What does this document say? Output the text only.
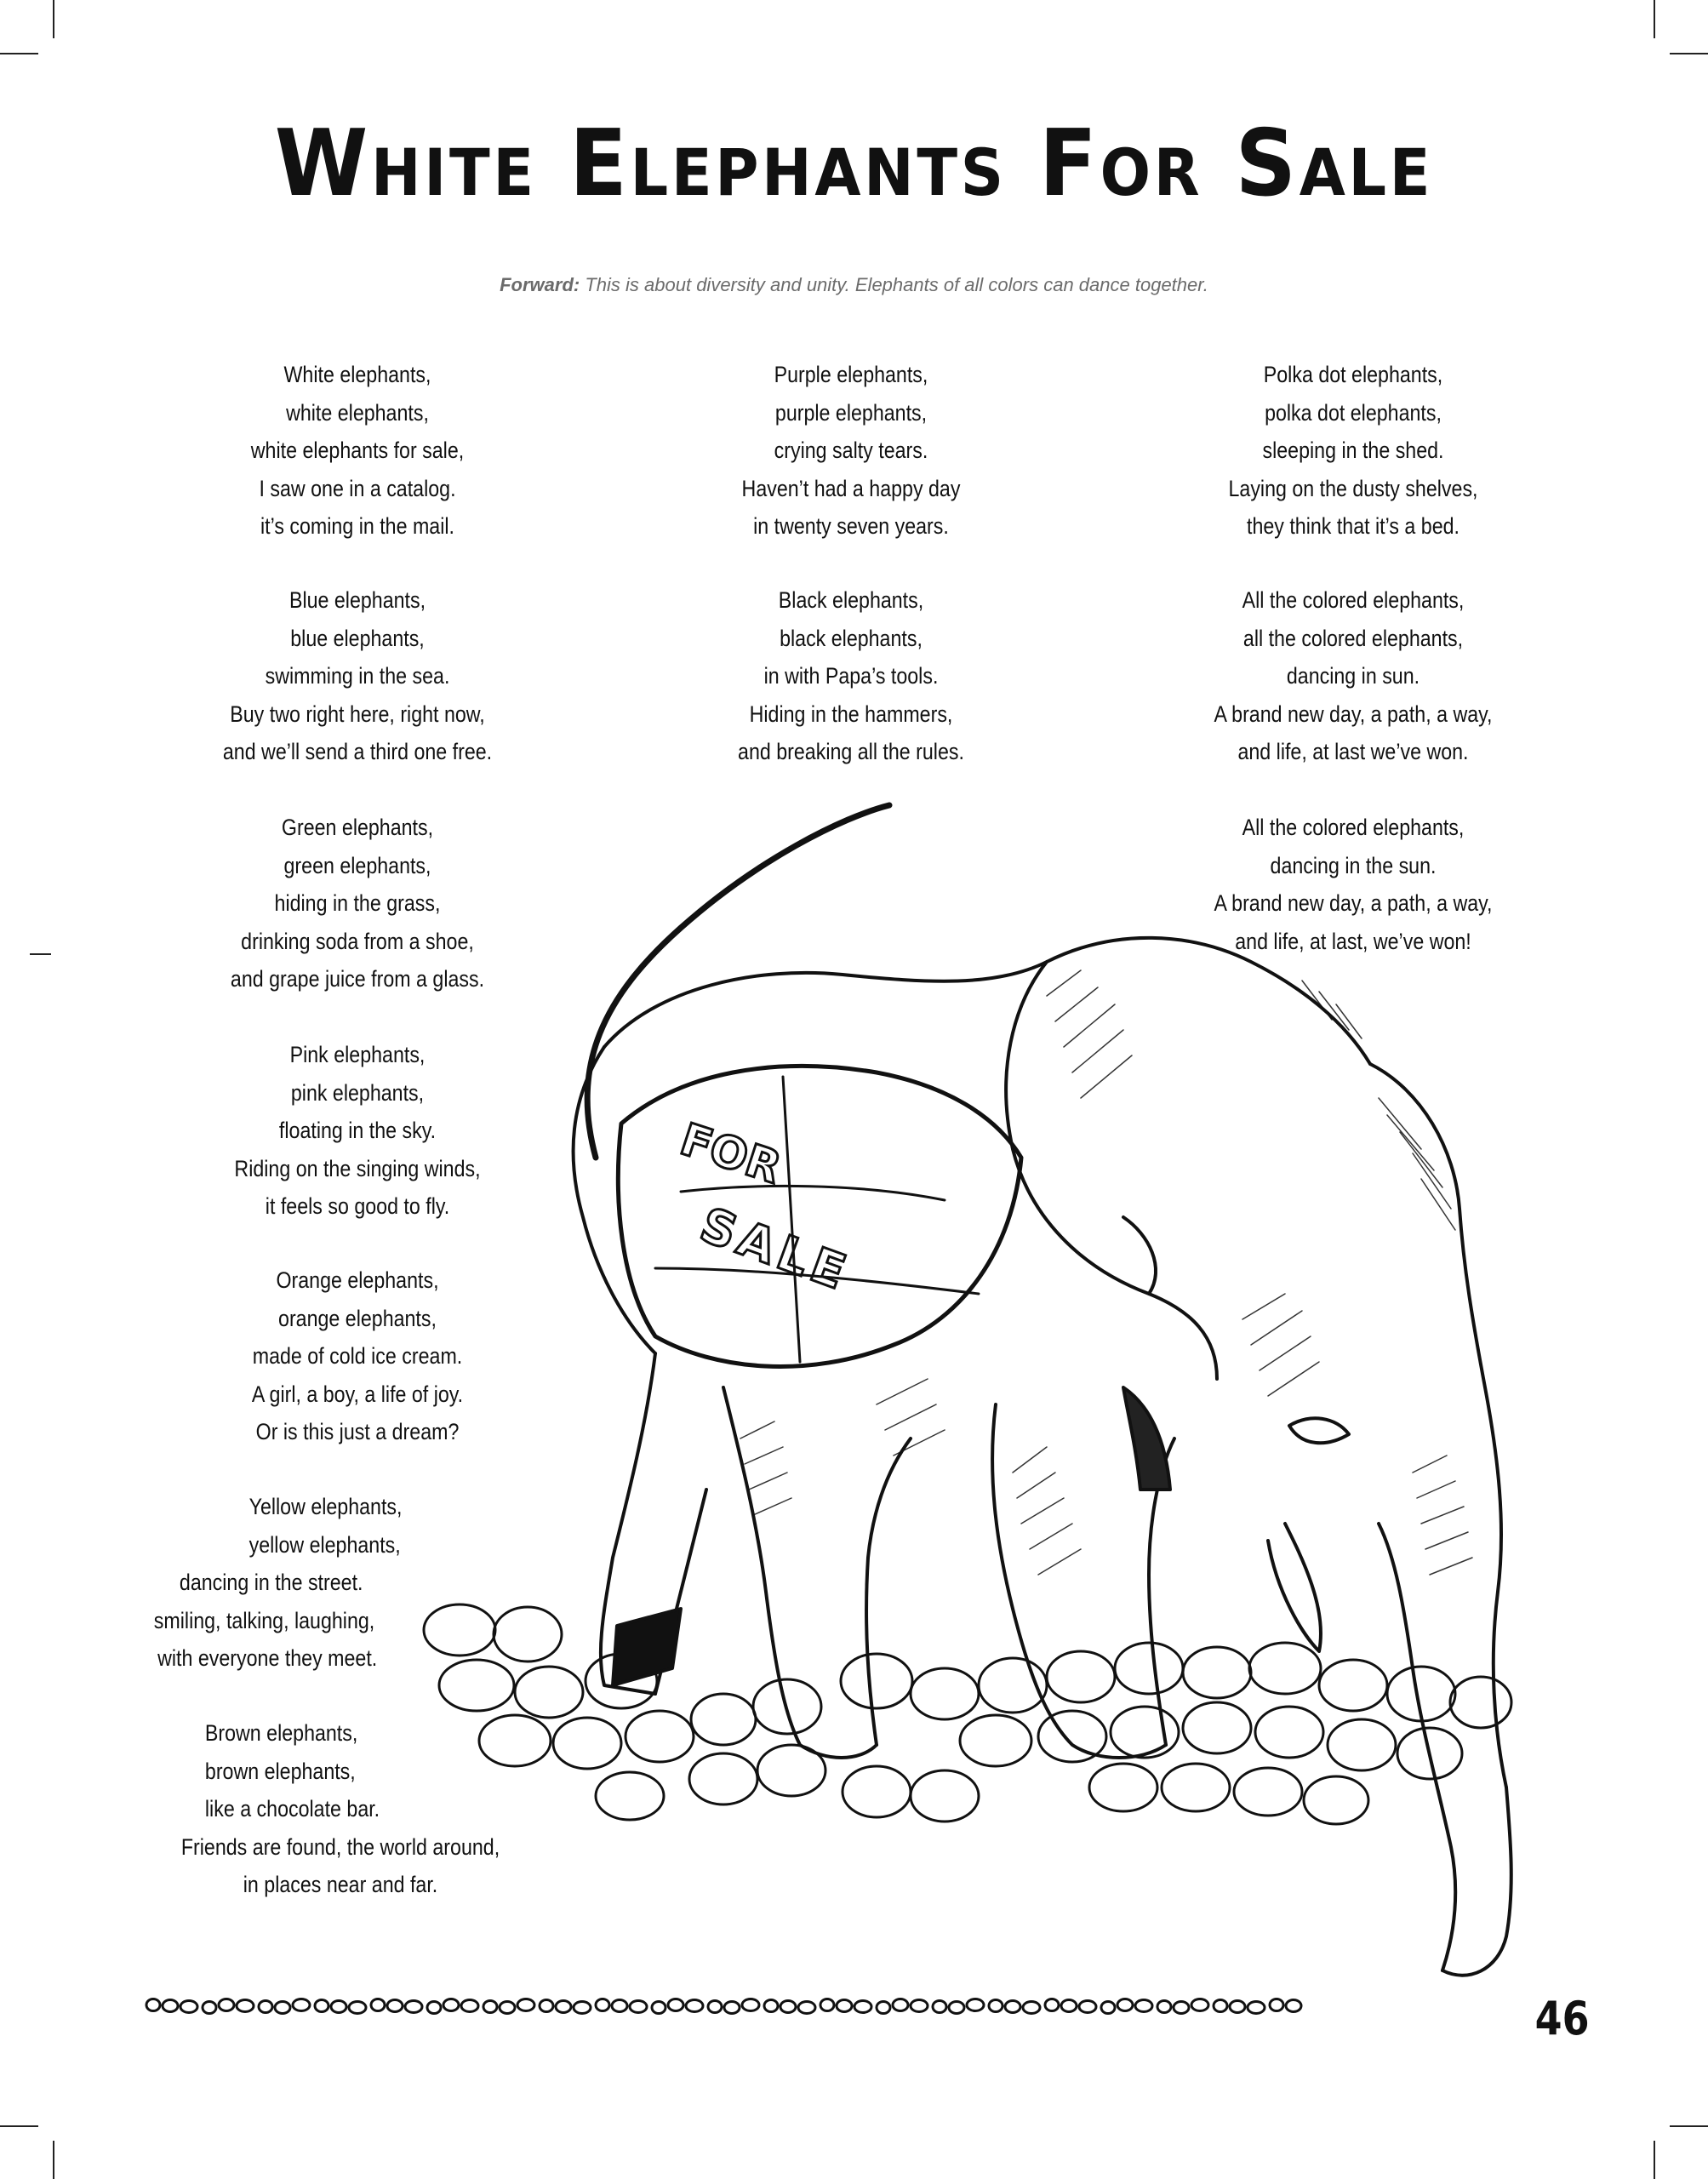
FOR
SALE
White Elephants For Sale
Forward: This is about diversity and unity. Elephants of all colors can dance together.
White elephants,
white elephants,
white elephants for sale,
I saw one in a catalog.
it’s coming in the mail.
Blue elephants,
blue elephants,
swimming in the sea.
Buy two right here, right now,
and we’ll send a third one free.
Green elephants,
green elephants,
hiding in the grass,
drinking soda from a shoe,
and grape juice from a glass.
Pink elephants,
pink elephants,
floating in the sky.
Riding on the singing winds,
it feels so good to fly.
Orange elephants,
orange elephants,
made of cold ice cream.
A girl, a boy, a life of joy.
Or is this just a dream?
Yellow elephants,
yellow elephants,
dancing in the street.
smiling, talking, laughing,
with everyone they meet.
Brown elephants,
brown elephants,
like a chocolate bar.
Friends are found, the world around,
in places near and far.
Purple elephants,
purple elephants,
crying salty tears.
Haven’t had a happy day
in twenty seven years.
Black elephants,
black elephants,
in with Papa’s tools.
Hiding in the hammers,
and breaking all the rules.
Polka dot elephants,
polka dot elephants,
sleeping in the shed.
Laying on the dusty shelves,
they think that it’s a bed.
All the colored elephants,
all the colored elephants,
dancing in sun.
A brand new day, a path, a way,
and life, at last we’ve won.
All the colored elephants,
dancing in the sun.
A brand new day, a path, a way,
and life, at last, we’ve won!
46
